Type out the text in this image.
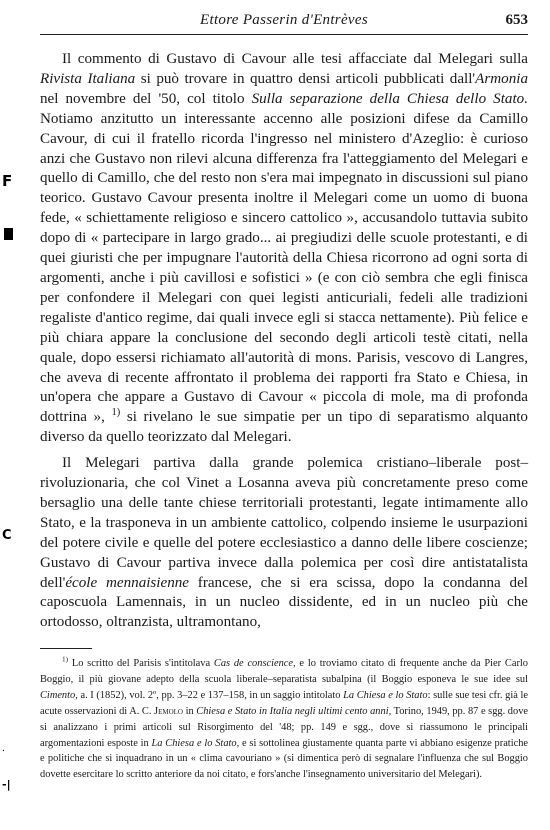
Ettore Passerin d'Entrèves	653

Il commento di Gustavo di Cavour alle tesi affacciate dal Melegari sulla Rivista Italiana si può trovare in quattro densi articoli pubblicati dall'Armonia nel novembre del '50, col titolo Sulla separazione della Chiesa dello Stato. Notiamo anzitutto un interessante accenno alle posizioni difese da Camillo Cavour, di cui il fratello ricorda l'ingresso nel ministero d'Azeglio: è curioso anzi che Gustavo non rilevi alcuna differenza fra l'atteggiamento del Melegari e quello di Camillo, che del resto non s'era mai impegnato in discussioni sul piano teorico. Gustavo Cavour presenta inoltre il Melegari come un uomo di buona fede, « schiettamente religioso e sincero cattolico », accusandolo tuttavia subito dopo di « partecipare in largo grado... ai pregiudizi delle scuole protestanti, e di quei giuristi che per impugnare l'autorità della Chiesa ricorrono ad ogni sorta di argomenti, anche i più cavillosi e sofistici » (e con ciò sembra che egli finisca per confondere il Melegari con quei legisti anticuriali, fedeli alle tradizioni regaliste d'antico regime, dai quali invece egli si stacca nettamente). Più felice e più chiara appare la conclusione del secondo degli articoli testè citati, nella quale, dopo essersi richiamato all'autorità di mons. Parisis, vescovo di Langres, che aveva di recente affrontato il problema dei rapporti fra Stato e Chiesa, in un'opera che appare a Gustavo di Cavour « piccola di mole, ma di profonda dottrina », $^{1)}$ si rivelano le sue simpatie per un tipo di separatismo alquanto diverso da quello teorizzato dal Melegari.

Il Melegari partiva dalla grande polemica cristiano–liberale post–rivoluzionaria, che col Vinet a Losanna aveva più concretamente preso come bersaglio una delle tante chiese territoriali protestanti, legate intimamente allo Stato, e la trasponeva in un ambiente cattolico, colpendo insieme le usurpazioni del potere civile e quelle del potere ecclesiastico a danno delle libere coscienze; Gustavo di Cavour partiva invece dalla polemica per così dire antistatalista dell'école mennaisienne francese, che si era scissa, dopo la condanna del caposcuola Lamennais, in un nucleo dissidente, ed in un nucleo più che ortodosso, oltranzista, ultramontano,

$^{1)}$ Lo scritto del Parisis s'intitolava Cas de conscience, e lo troviamo citato di frequente anche da Pier Carlo Boggio, il più giovane adepto della scuola liberale–separatista subalpina (il Boggio esponeva le sue idee sul Cimento, a. I (1852), vol. 2º, pp. 3–22 e 137–158, in un saggio intitolato La Chiesa e lo Stato: sulle sue tesi cfr. già le acute osservazioni di A. C. Jemolo in Chiesa e Stato in Italia negli ultimi cento anni, Torino, 1949, pp. 87 e sgg. dove si analizzano i primi articoli sul Risorgimento del '48; pp. 149 e sgg., dove si riassumono le principali argomentazioni esposte in La Chiesa e lo Stato, e si sottolinea giustamente quanta parte vi abbiano esigenze pratiche e politiche che si inquadrano in un « clima cavouriano » (si dimentica però di segnalare l'influenza che sul Boggio dovette esercitare lo scritto anteriore da noi citato, e fors'anche l'insegnamento universitario del Melegari).

F
C
-|
·
